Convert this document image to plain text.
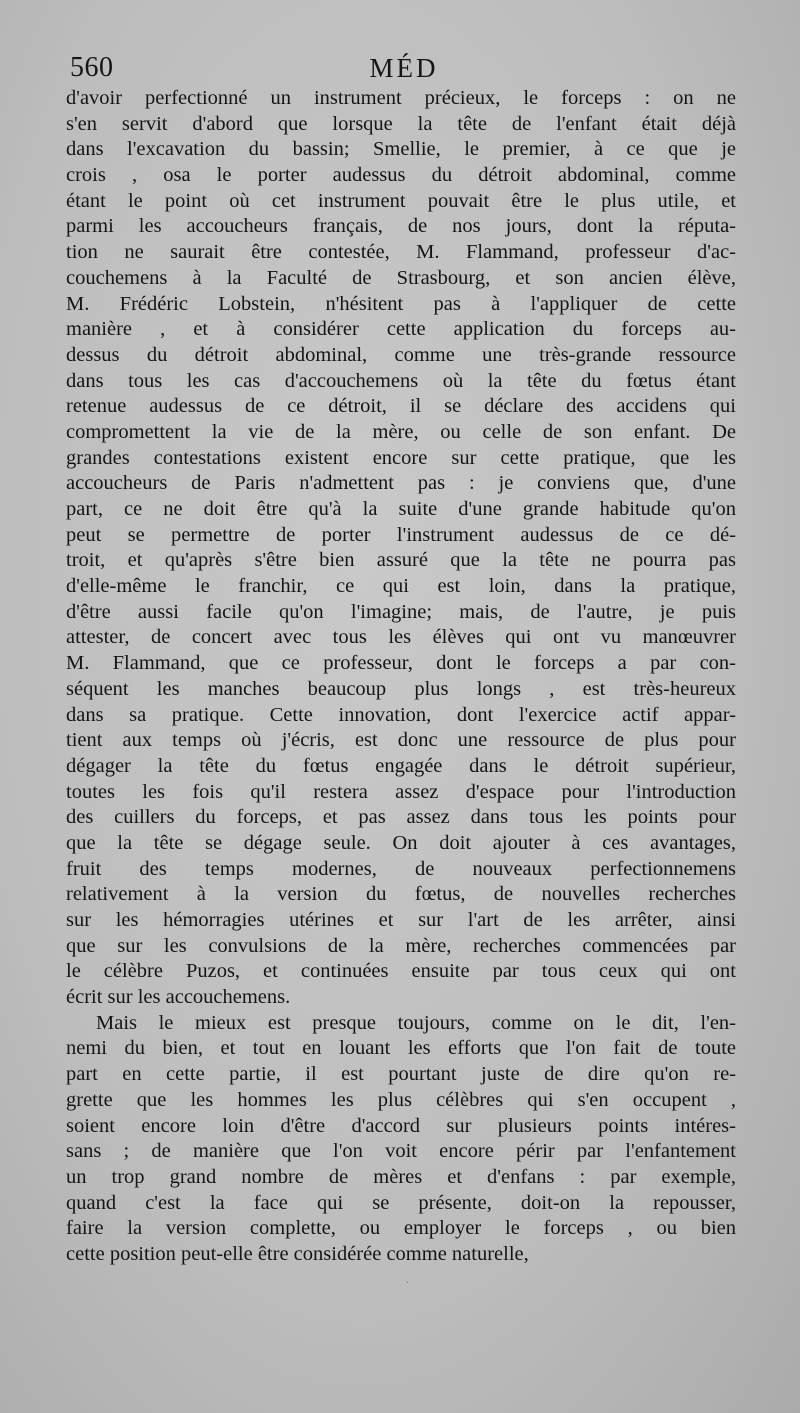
560	MÉD
d'avoir perfectionné un instrument précieux, le forceps : on ne
s'en servit d'abord que lorsque la tête de l'enfant était déjà
dans l'excavation du bassin; Smellie, le premier, à ce que je
crois , osa le porter audessus du détroit abdominal, comme
étant le point où cet instrument pouvait être le plus utile, et
parmi les accoucheurs français, de nos jours, dont la réputa-
tion ne saurait être contestée, M. Flammand, professeur d'ac-
couchemens à la Faculté de Strasbourg, et son ancien élève,
M. Frédéric Lobstein, n'hésitent pas à l'appliquer de cette
manière , et à considérer cette application du forceps au-
dessus du détroit abdominal, comme une très-grande ressource
dans tous les cas d'accouchemens où la tête du fœtus étant
retenue audessus de ce détroit, il se déclare des accidens qui
compromettent la vie de la mère, ou celle de son enfant. De
grandes contestations existent encore sur cette pratique, que les
accoucheurs de Paris n'admettent pas : je conviens que, d'une
part, ce ne doit être qu'à la suite d'une grande habitude qu'on
peut se permettre de porter l'instrument audessus de ce dé-
troit, et qu'après s'être bien assuré que la tête ne pourra pas
d'elle-même le franchir, ce qui est loin, dans la pratique,
d'être aussi facile qu'on l'imagine; mais, de l'autre, je puis
attester, de concert avec tous les élèves qui ont vu manœuvrer
M. Flammand, que ce professeur, dont le forceps a par con-
séquent les manches beaucoup plus longs , est très-heureux
dans sa pratique. Cette innovation, dont l'exercice actif appar-
tient aux temps où j'écris, est donc une ressource de plus pour
dégager la tête du fœtus engagée dans le détroit supérieur,
toutes les fois qu'il restera assez d'espace pour l'introduction
des cuillers du forceps, et pas assez dans tous les points pour
que la tête se dégage seule. On doit ajouter à ces avantages,
fruit des temps modernes, de nouveaux perfectionnemens
relativement à la version du fœtus, de nouvelles recherches
sur les hémorragies utérines et sur l'art de les arrêter, ainsi
que sur les convulsions de la mère, recherches commencées par
le célèbre Puzos, et continuées ensuite par tous ceux qui ont
écrit sur les accouchemens.
Mais le mieux est presque toujours, comme on le dit, l'en-
nemi du bien, et tout en louant les efforts que l'on fait de toute
part en cette partie, il est pourtant juste de dire qu'on re-
grette que les hommes les plus célèbres qui s'en occupent ,
soient encore loin d'être d'accord sur plusieurs points intéres-
sans ; de manière que l'on voit encore périr par l'enfantement
un trop grand nombre de mères et d'enfans : par exemple,
quand c'est la face qui se présente, doit-on la repousser,
faire la version complette, ou employer le forceps , ou bien
cette position peut-elle être considérée comme naturelle,
·
